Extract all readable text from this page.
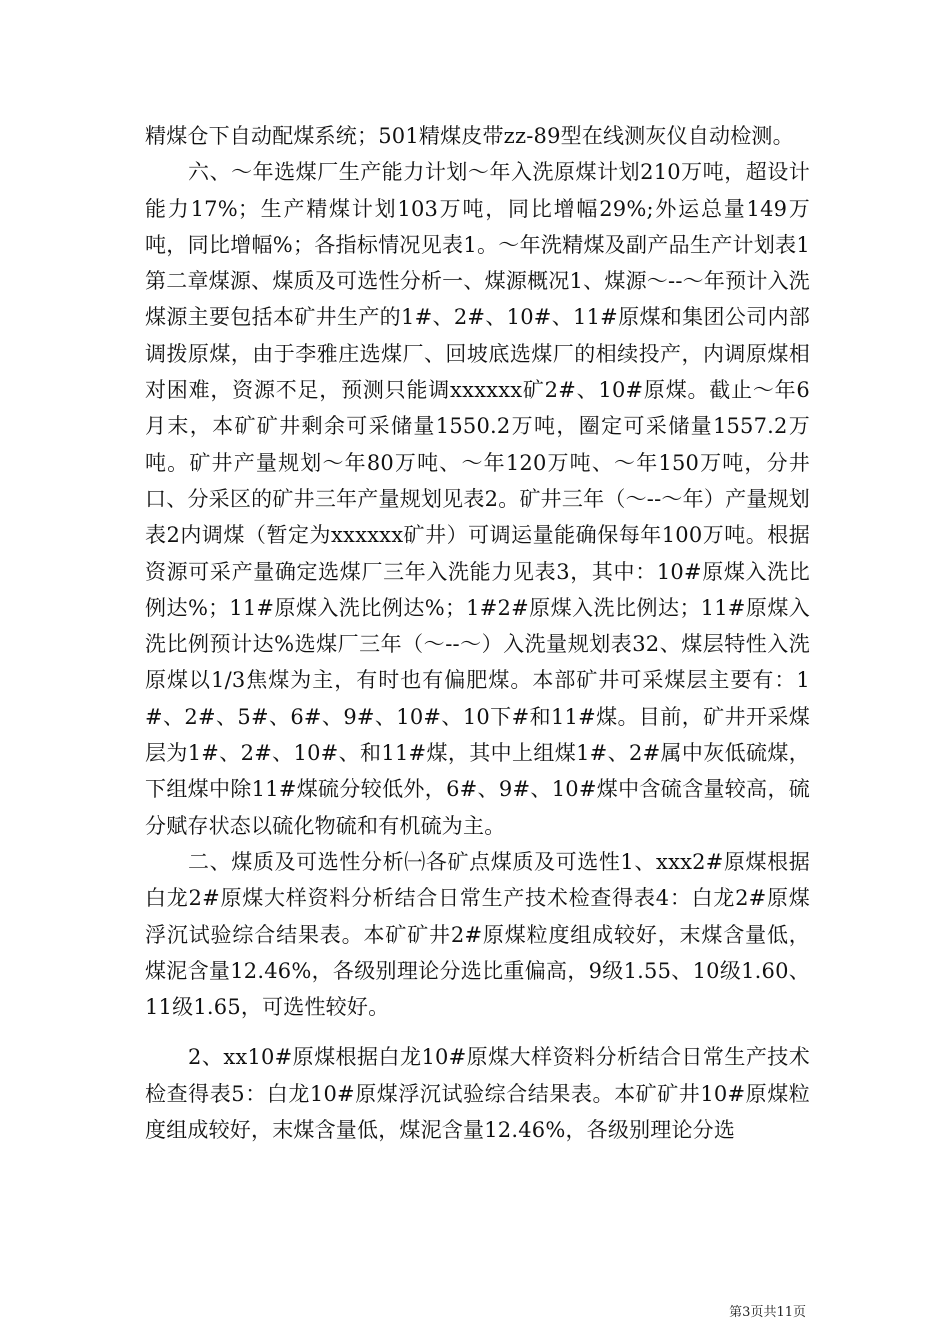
精煤仓下自动配煤系统；501精煤皮带zz-89型在线测灰仪自动检测。

六、～年选煤厂生产能力计划～年入洗原煤计划210万吨，超设计能力17%；生产精煤计划103万吨，同比增幅29%;外运总量149万吨，同比增幅%；各指标情况见表1。～年洗精煤及副产品生产计划表1第二章煤源、煤质及可选性分析一、煤源概况1、煤源～--～年预计入洗煤源主要包括本矿井生产的1#、2#、10#、11#原煤和集团公司内部调拨原煤，由于李雅庄选煤厂、回坡底选煤厂的相续投产，内调原煤相对困难，资源不足，预测只能调xxxxxx矿2#、10#原煤。截止～年6月末，本矿矿井剩余可采储量1550.2万吨，圈定可采储量1557.2万吨。矿井产量规划～年80万吨、～年120万吨、～年150万吨，分井口、分采区的矿井三年产量规划见表2。矿井三年（～--～年）产量规划表2内调煤（暂定为xxxxxx矿井）可调运量能确保每年100万吨。根据资源可采产量确定选煤厂三年入洗能力见表3，其中：10#原煤入洗比例达%；11#原煤入洗比例达%；1#2#原煤入洗比例达；11#原煤入洗比例预计达%选煤厂三年（～--～）入洗量规划表32、煤层特性入洗原煤以1/3焦煤为主，有时也有偏肥煤。本部矿井可采煤层主要有：1#、2#、5#、6#、9#、10#、10下#和11#煤。目前，矿井开采煤层为1#、2#、10#、和11#煤，其中上组煤1#、2#属中灰低硫煤，下组煤中除11#煤硫分较低外，6#、9#、10#煤中含硫含量较高，硫分赋存状态以硫化物硫和有机硫为主。

二、煤质及可选性分析㈠各矿点煤质及可选性1、xxx2#原煤根据白龙2#原煤大样资料分析结合日常生产技术检查得表4：白龙2#原煤浮沉试验综合结果表。本矿矿井2#原煤粒度组成较好，末煤含量低，煤泥含量12.46%，各级别理论分选比重偏高，9级1.55、10级1.60、11级1.65，可选性较好。

2、xx10#原煤根据白龙10#原煤大样资料分析结合日常生产技术检查得表5：白龙10#原煤浮沉试验综合结果表。本矿矿井10#原煤粒度组成较好，末煤含量低，煤泥含量12.46%，各级别理论分选

第3页共11页
